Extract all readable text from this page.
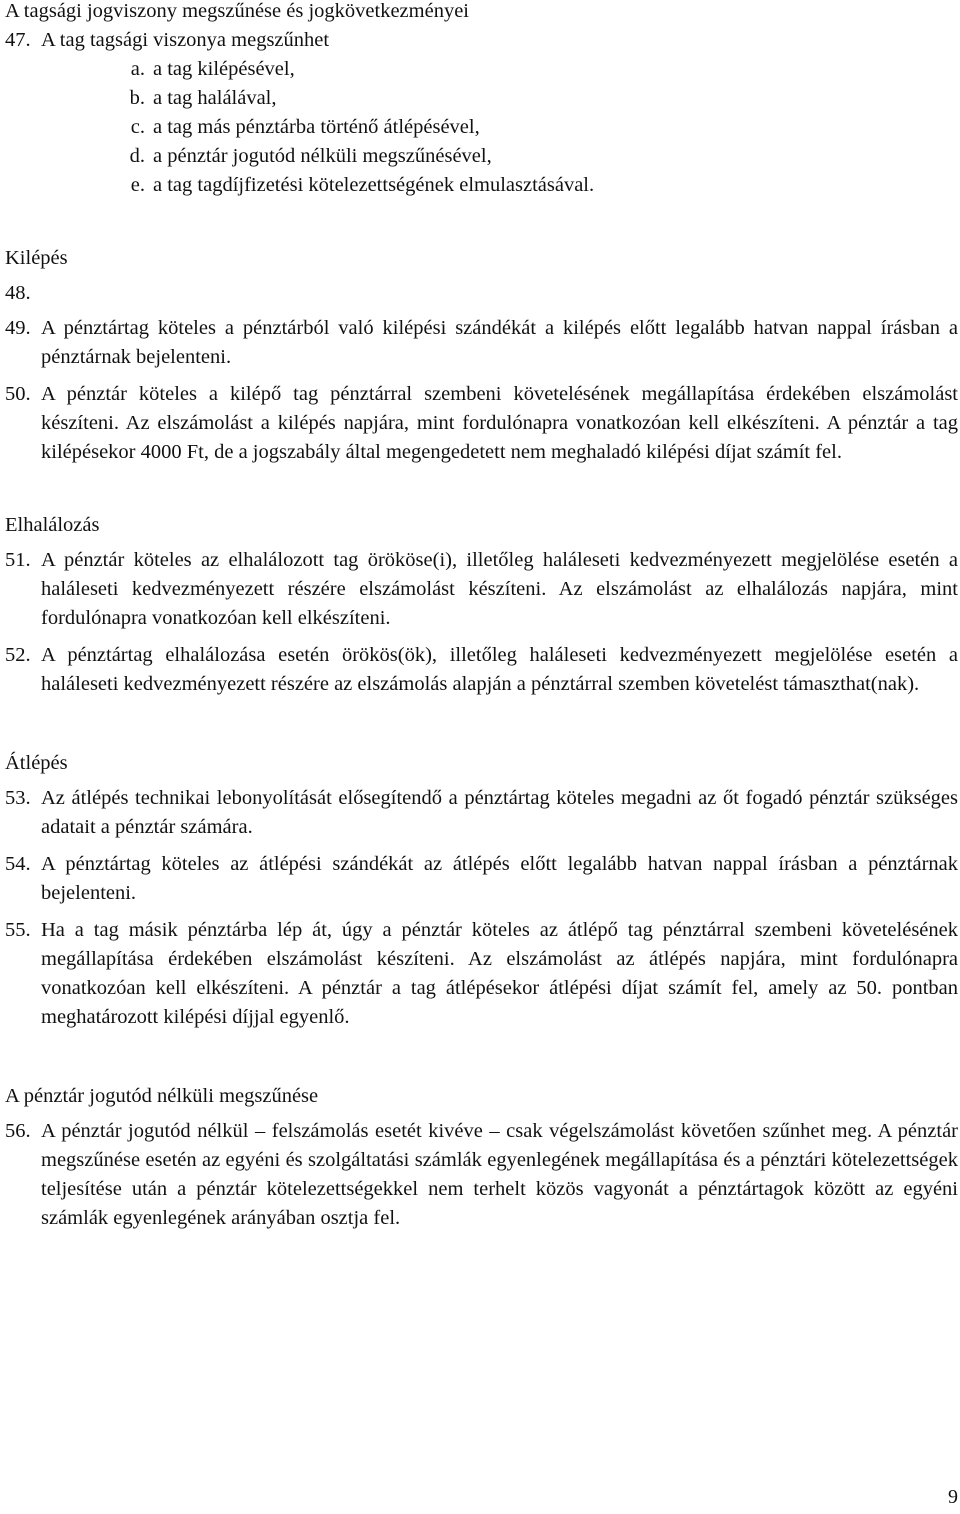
A tagsági jogviszony megszűnése és jogkövetkezményei

47. A tag tagsági viszonya megszűnhet
a. a tag kilépésével,
b. a tag halálával,
c. a tag más pénztárba történő átlépésével,
d. a pénztár jogutód nélküli megszűnésével,
e. a tag tagdíjfizetési kötelezettségének elmulasztásával.

Kilépés

48.
49. A pénztártag köteles a pénztárból való kilépési szándékát a kilépés előtt legalább hatvan nappal írásban a pénztárnak bejelenteni.
50. A pénztár köteles a kilépő tag pénztárral szembeni követelésének megállapítása érdekében elszámolást készíteni. Az elszámolást a kilépés napjára, mint fordulónapra vonatkozóan kell elkészíteni. A pénztár a tag kilépésekor 4000 Ft, de a jogszabály által megengedetett nem meghaladó kilépési díjat számít fel.

Elhalálozás

51. A pénztár köteles az elhalálozott tag örököse(i), illetőleg haláleseti kedvezményezett megjelölése esetén a haláleseti kedvezményezett részére elszámolást készíteni. Az elszámolást az elhalálozás napjára, mint fordulónapra vonatkozóan kell elkészíteni.
52. A pénztártag elhalálozása esetén örökös(ök), illetőleg haláleseti kedvezményezett megjelölése esetén a haláleseti kedvezményezett részére az elszámolás alapján a pénztárral szemben követelést támaszthat(nak).

Átlépés

53. Az átlépés technikai lebonyolítását elősegítendő a pénztártag köteles megadni az őt fogadó pénztár szükséges adatait a pénztár számára.
54. A pénztártag köteles az átlépési szándékát az átlépés előtt legalább hatvan nappal írásban a pénztárnak bejelenteni.
55. Ha a tag másik pénztárba lép át, úgy a pénztár köteles az átlépő tag pénztárral szembeni követelésének megállapítása érdekében elszámolást készíteni. Az elszámolást az átlépés napjára, mint fordulónapra vonatkozóan kell elkészíteni. A pénztár a tag átlépésekor átlépési díjat számít fel, amely az 50. pontban meghatározott kilépési díjjal egyenlő.

A pénztár jogutód nélküli megszűnése

56. A pénztár jogutód nélkül – felszámolás esetét kivéve – csak végelszámolást követően szűnhet meg. A pénztár megszűnése esetén az egyéni és szolgáltatási számlák egyenlegének megállapítása és a pénztári kötelezettségek teljesítése után a pénztár kötelezettségekkel nem terhelt közös vagyonát a pénztártagok között az egyéni számlák egyenlegének arányában osztja fel.
9
